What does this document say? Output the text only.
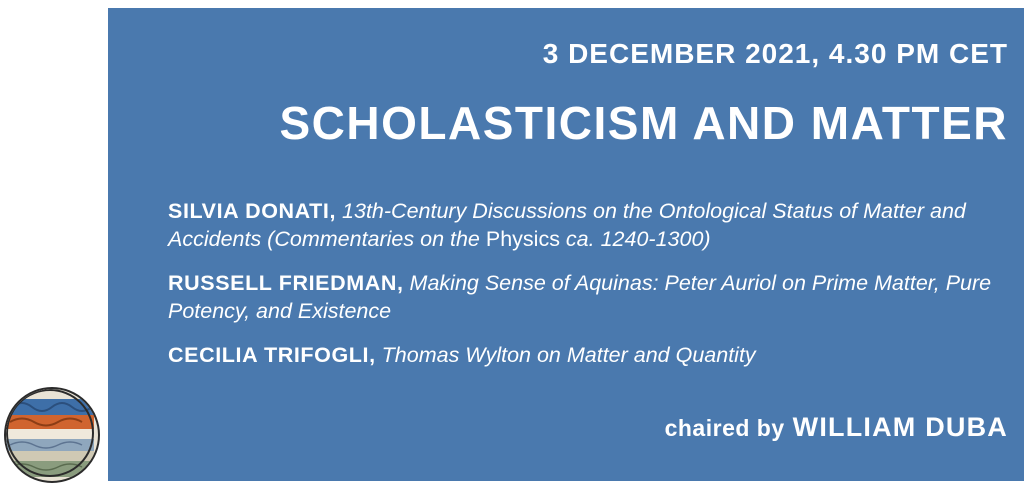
3 DECEMBER 2021, 4.30 PM CET
SCHOLASTICISM AND MATTER
SILVIA DONATI, 13th-Century Discussions on the Ontological Status of Matter and Accidents (Commentaries on the Physics ca. 1240-1300)
RUSSELL FRIEDMAN, Making Sense of Aquinas: Peter Auriol on Prime Matter, Pure Potency, and Existence
CECILIA TRIFOGLI, Thomas Wylton on Matter and Quantity
chaired by WILLIAM DUBA
